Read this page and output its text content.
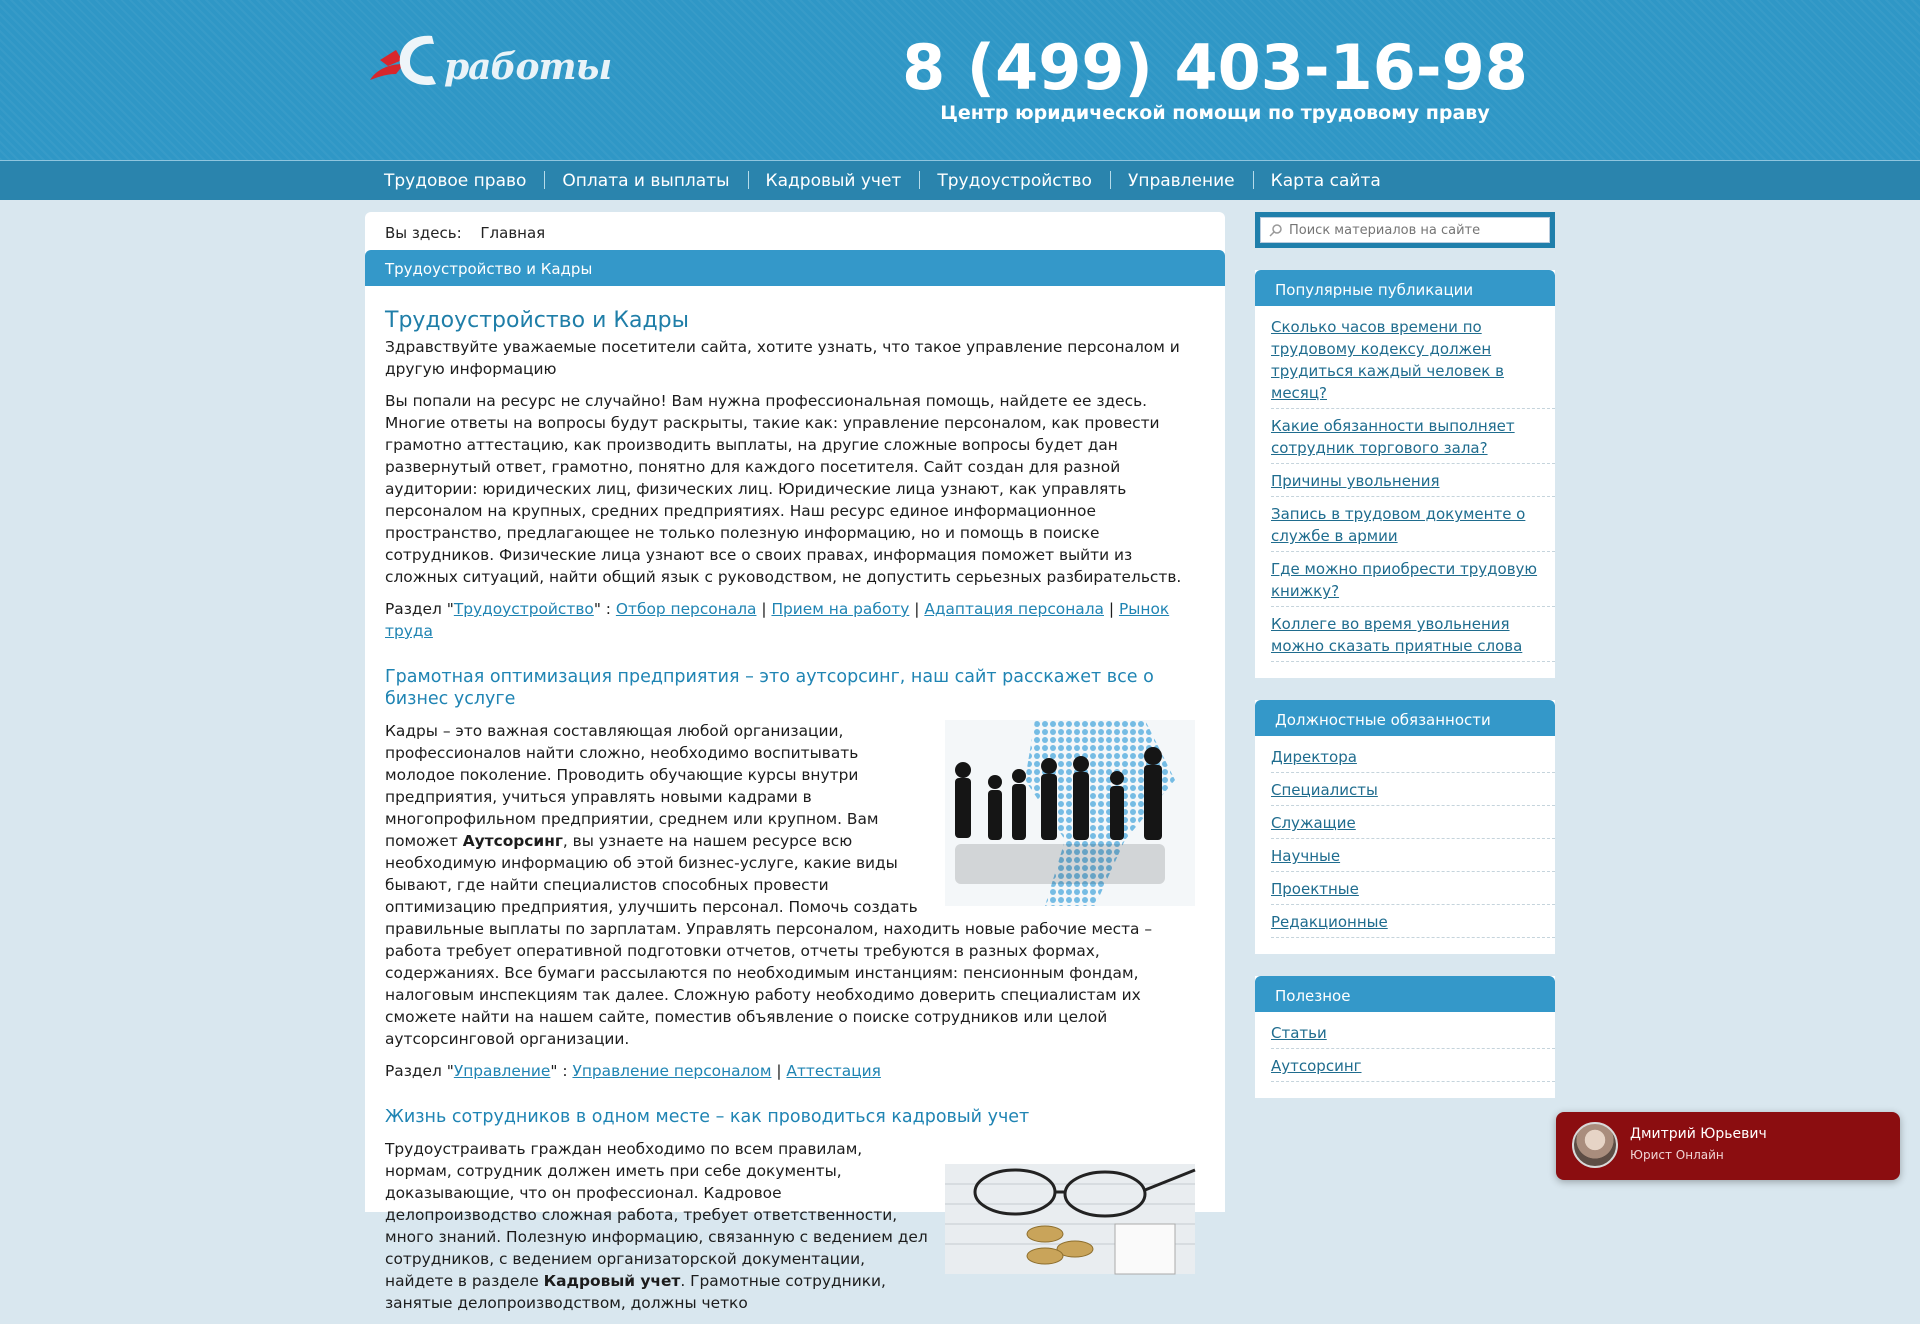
работы	8 (499) 403-16-98
Центр юридической помощи по трудовому праву
Трудовое право	Оплата и выплаты	Кадровый учет	Трудоустройство	Управление	Карта сайта
Вы здесь: Главная
Трудоустройство и Кадры
Трудоустройство и Кадры

Здравствуйте уважаемые посетители сайта, хотите узнать, что такое управление персоналом и другую информацию

Вы попали на ресурс не случайно! Вам нужна профессиональная помощь, найдете ее здесь. Многие ответы на вопросы будут раскрыты, такие как: управление персоналом, как провести грамотно аттестацию, как производить выплаты, на другие сложные вопросы будет дан развернутый ответ, грамотно, понятно для каждого посетителя. Сайт создан для разной аудитории: юридических лиц, физических лиц. Юридические лица узнают, как управлять персоналом на крупных, средних предприятиях. Наш ресурс единое информационное пространство, предлагающее не только полезную информацию, но и помощь в поиске сотрудников. Физические лица узнают все о своих правах, информация поможет выйти из сложных ситуаций, найти общий язык с руководством, не допустить серьезных разбирательств.

Раздел "Трудоустройство" : Отбор персонала | Прием на работу | Адаптация персонала | Рынок труда

Грамотная оптимизация предприятия – это аутсорсинг, наш сайт расскажет все о бизнес услуге

Кадры – это важная составляющая любой организации, профессионалов найти сложно, необходимо воспитывать молодое поколение. Проводить обучающие курсы внутри предприятия, учиться управлять новыми кадрами в многопрофильном предприятии, среднем или крупном. Вам поможет Аутсорсинг, вы узнаете на нашем ресурсе всю необходимую информацию об этой бизнес-услуге, какие виды бывают, где найти специалистов способных провести оптимизацию предприятия, улучшить персонал. Помочь создать правильные выплаты по зарплатам. Управлять персоналом, находить новые рабочие места – работа требует оперативной подготовки отчетов, отчеты требуются в разных формах, содержаниях. Все бумаги рассылаются по необходимым инстанциям: пенсионным фондам, налоговым инспекциям так далее. Сложную работу необходимо доверить специалистам их сможете найти на нашем сайте, поместив объявление о поиске сотрудников или целой аутсорсинговой организации.

Раздел "Управление" : Управление персоналом | Аттестация

Жизнь сотрудников в одном месте – как проводиться кадровый учет

Трудоустраивать граждан необходимо по всем правилам, нормам, сотрудник должен иметь при себе документы, доказывающие, что он профессионал. Кадровое делопроизводство сложная работа, требует ответственности, много знаний. Полезную информацию, связанную с ведением дел сотрудников, с ведением организаторской документации, найдете в разделе Кадровый учет. Грамотные сотрудники, занятые делопроизводством, должны четко

Поиск материалов на сайте
Популярные публикации
Сколько часов времени по трудовому кодексу должен трудиться каждый человек в месяц?
Какие обязанности выполняет сотрудник торгового зала?
Причины увольнения
Запись в трудовом документе о службе в армии
Где можно приобрести трудовую книжку?
Коллеге во время увольнения можно сказать приятные слова
Должностные обязанности
Директора
Специалисты
Служащие
Научные
Проектные
Редакционные
Полезное
Статьи
Аутсорсинг
Дмитрий Юрьевич
Юрист Онлайн
